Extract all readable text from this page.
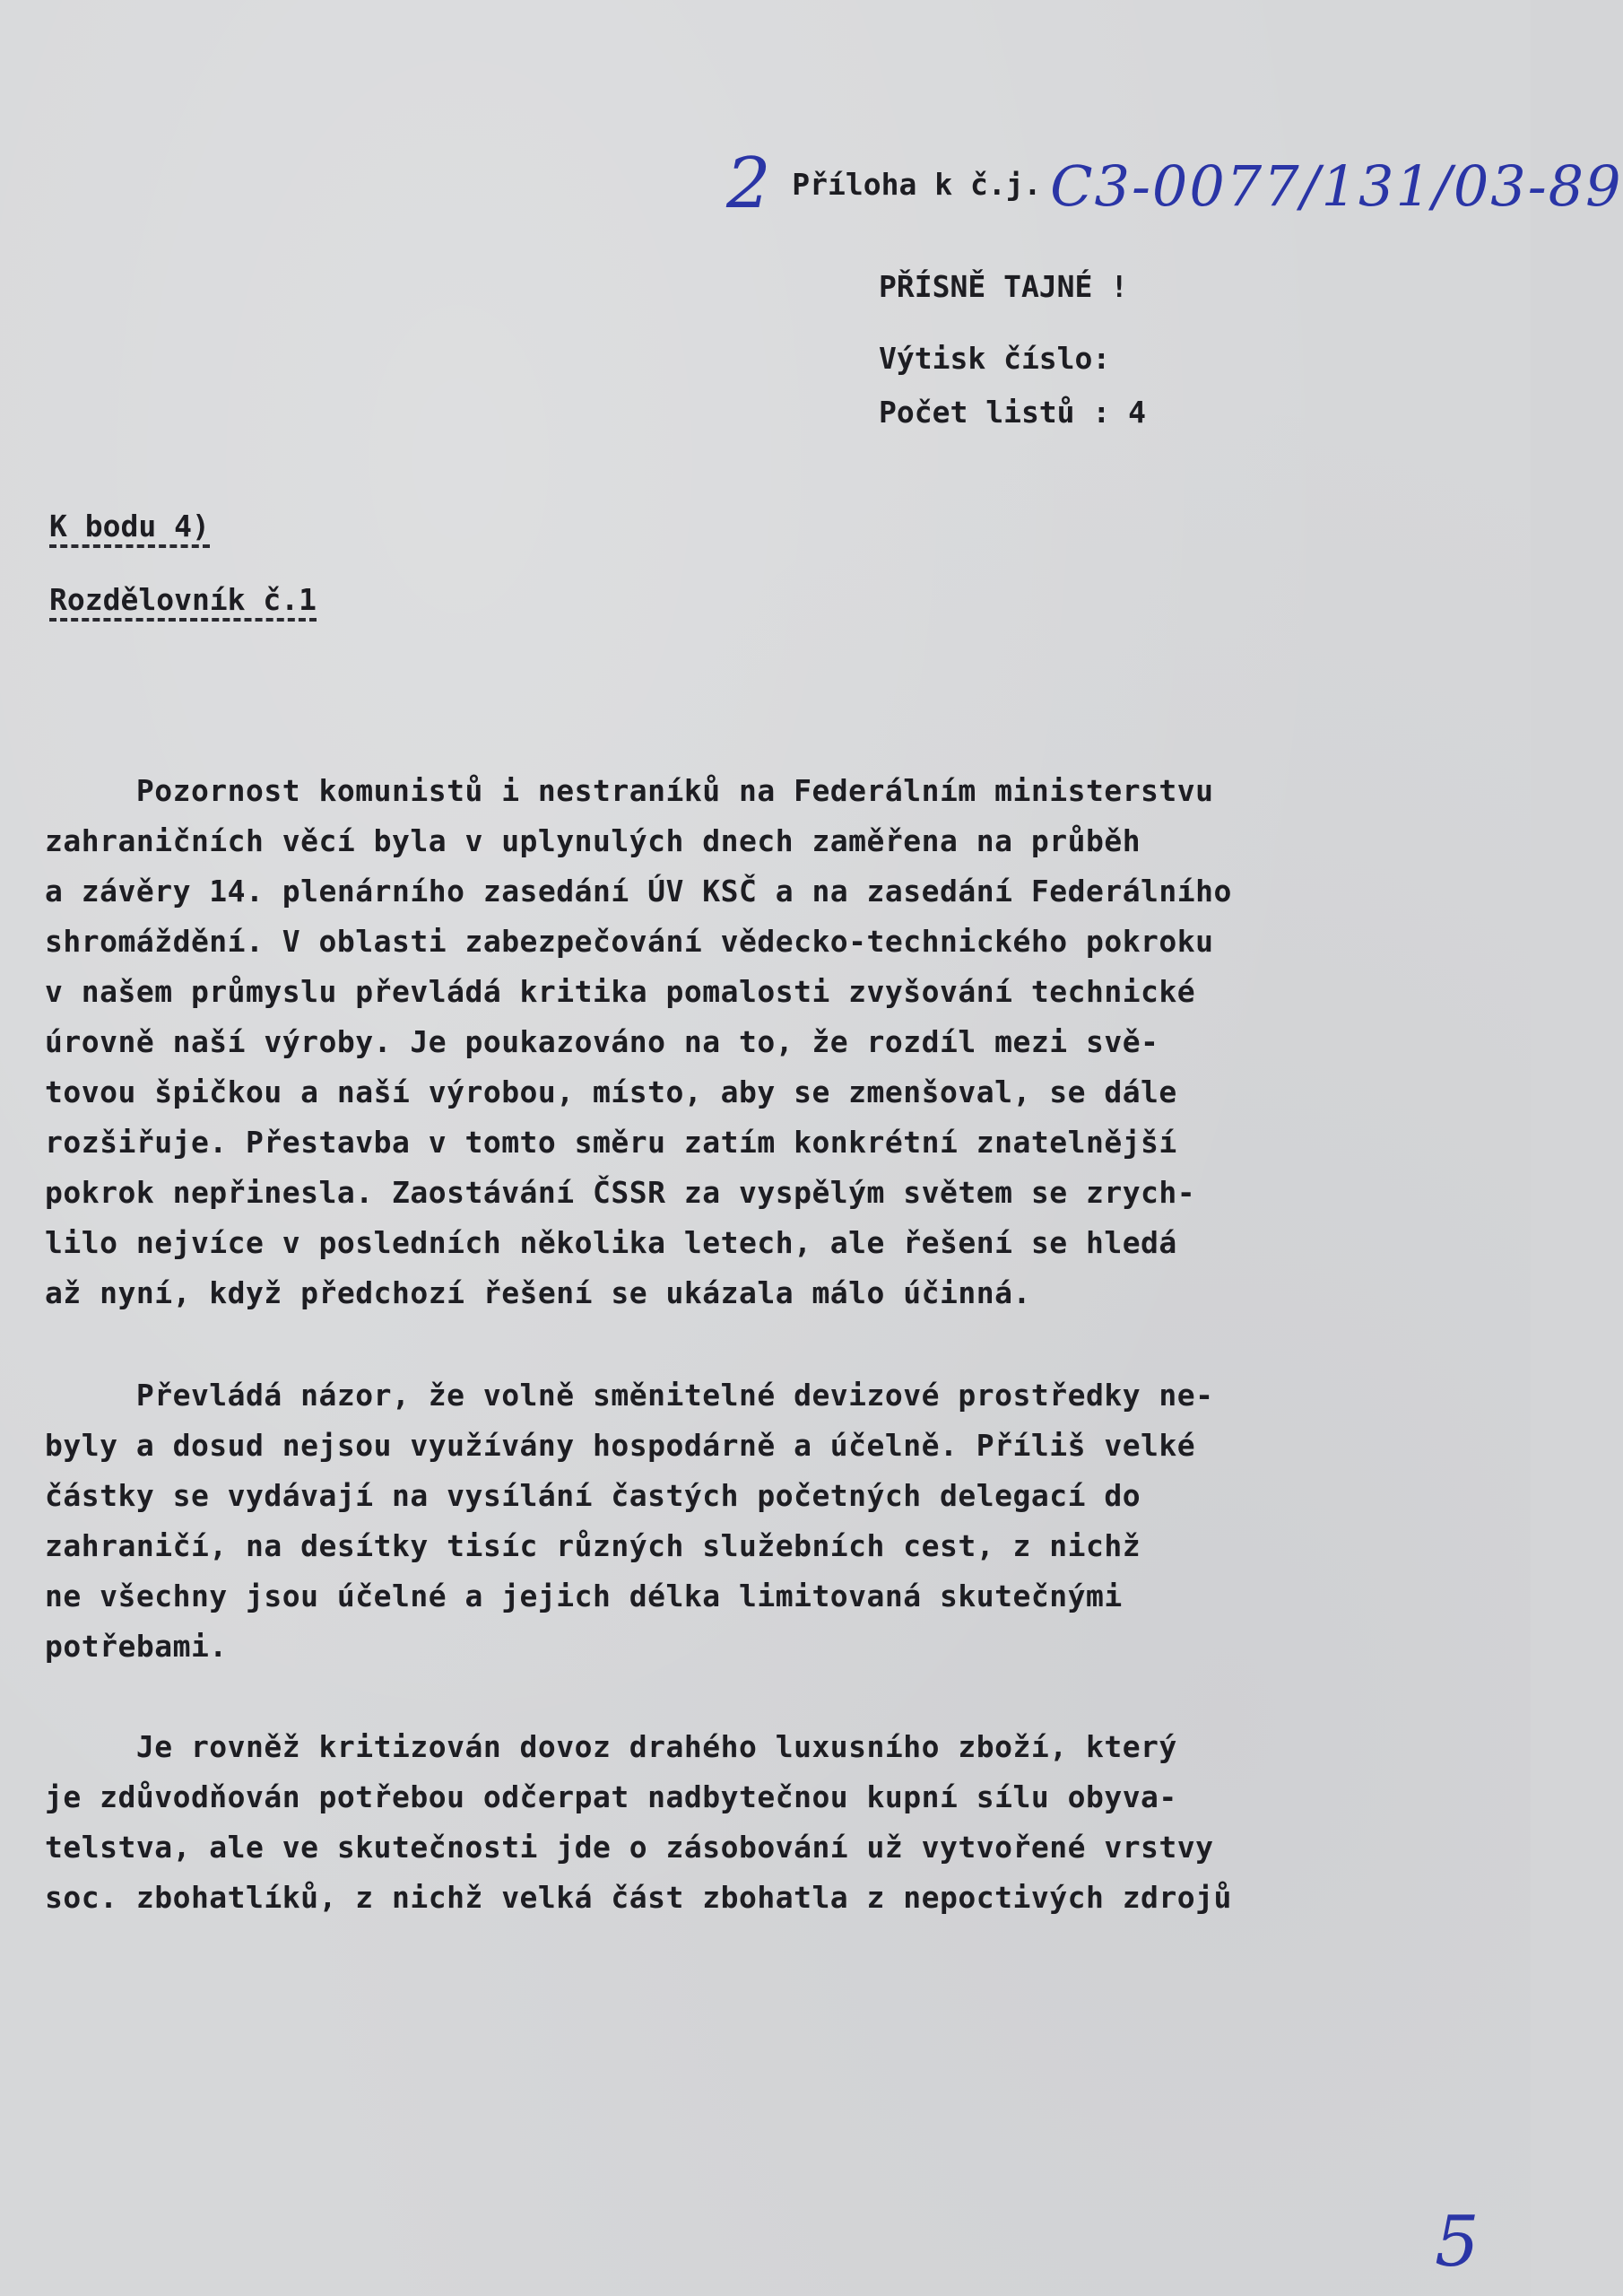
2 Příloha k č.j. C3-0077/131/03-89
PŘÍSNĚ TAJNÉ !
Výtisk číslo:
Počet listů : 4
K bodu 4)
Rozdělovník č.1
Pozornost komunistů i nestraníků na Federálním ministerstvu
zahraničních věcí byla v uplynulých dnech zaměřena na průběh
a závěry 14. plenárního zasedání ÚV KSČ a na zasedání Federálního
shromáždění. V oblasti zabezpečování vědecko-technického pokroku
v našem průmyslu převládá kritika pomalosti zvyšování technické
úrovně naší výroby. Je poukazováno na to, že rozdíl mezi svě-
tovou špičkou a naší výrobou, místo, aby se zmenšoval, se dále
rozšiřuje. Přestavba v tomto směru zatím konkrétní znatelnější
pokrok nepřinesla. Zaostávání ČSSR za vyspělým světem se zrych-
lilo nejvíce v posledních několika letech, ale řešení se hledá
až nyní, když předchozí řešení se ukázala málo účinná.
Převládá názor, že volně směnitelné devizové prostředky ne-
byly a dosud nejsou využívány hospodárně a účelně. Příliš velké
částky se vydávají na vysílání častých početných delegací do
zahraničí, na desítky tisíc různých služebních cest, z nichž
ne všechny jsou účelné a jejich délka limitovaná skutečnými
potřebami.
Je rovněž kritizován dovoz drahého luxusního zboží, který
je zdůvodňován potřebou odčerpat nadbytečnou kupní sílu obyva-
telstva, ale ve skutečnosti jde o zásobování už vytvořené vrstvy
soc. zbohatlíků, z nichž velká část zbohatla z nepoctivých zdrojů
5
